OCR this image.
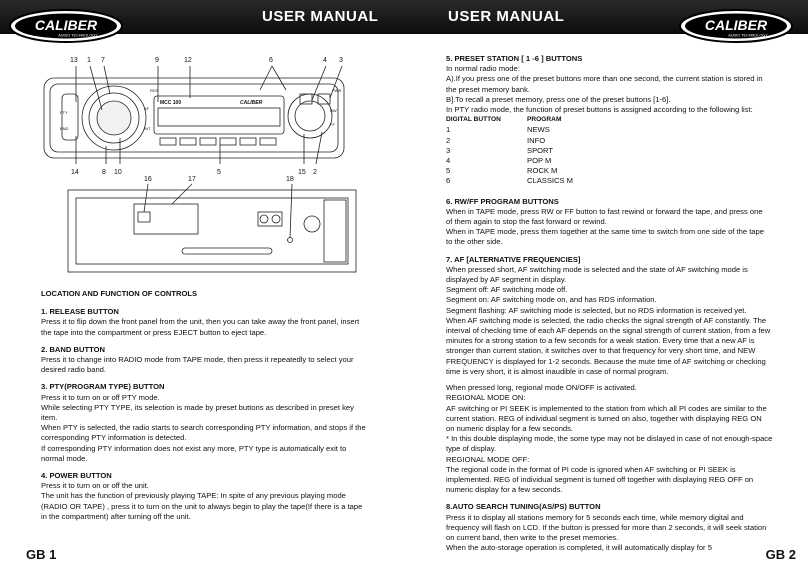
USER MANUAL
CALIBER
AUDIO TECHNOLOGY
PTY
BND
RDS
AF
INT
PWR
RW
FF
MCC 100	CALIBER
13 1 7	9	12	6	4 3
14	8 10	5	15 2
16	17	18
LOCATION AND FUNCTION OF CONTROLS
1. RELEASE BUTTON
Press it to flip down the front panel from the unit, then you can take away the front panel, insert
the tape into the compartment or press EJECT button to eject tape.
2. BAND BUTTON
Press it to change into RADIO mode from TAPE mode, then press it repeatedly to select your
desired radio band.
3. PTY(PROGRAM TYPE) BUTTON
Press it to turn on or off PTY mode.
While selecting PTY TYPE, its selection is made by preset buttons as described in preset key
item.
When PTY is selected, the radio starts to search corresponding PTY information, and stops if the
corresponding PTY information is detected.
If corresponding PTY information does not exist any more, PTY type is automatically exit to
normal mode.
4. POWER BUTTON
Press it to turn on or off the unit.
The unit has the function of previously playing TAPE: In spite of any previous playing mode
(RADIO OR TAPE) , press it to turn on the unit to always begin to play the tape(If there is a tape
in the compartment) after turning off the unit.
GB 1
USER MANUAL	CALIBER
AUDIO TECHNOLOGY
5. PRESET STATION [ 1 -6 ] BUTTONS
In normal radio mode:
A).If you press one of the preset buttons more than one second, the current station is stored in
the preset memory bank.
B].To recall a preset memory, press one of the preset buttons [1-6].
In PTY radio mode, the function of preset buttons is assigned according to the following list:
DIGITAL BUTTON	PROGRAM
1	NEWS
2	INFO
3	SPORT
4	POP M
5	ROCK M
6	CLASSICS M
6. RW/FF PROGRAM BUTTONS
When in TAPE mode, press RW or FF button to fast rewind or forward the tape, and press one
of them again to stop the fast forward or rewind.
When in TAPE mode, press them together at the same time to switch from one side of the tape
to the other side.
7. AF [ALTERNATIVE FREQUENCIES]
When pressed short, AF switching mode is selected and the state of AF switching mode is
displayed by AF segment in display.
Segment off: AF switching mode off.
Segment on: AF switching mode on, and has RDS information.
Segment flashing: AF switching mode is selected, but no RDS information is received yet.
When AF switching mode is selected, the radio checks the signal strength of AF constantly. The
interval of checking time of each AF depends on the signal strength of current station, from a few
minutes for a strong station to a few seconds for a weak station. Every time that a new AF is
stronger than current station, it switches over to that frequency for very short time, and NEW
FREQUENCY is displayed for 1-2 seconds. Because the mute time of AF switching or checking
time is very short, it is almost inaudible in case of normal program.
When pressed long, regional mode ON/OFF is activated.
REGIONAL MODE ON:
AF switching or PI SEEK is implemented to the station from which all PI codes are similar to the
current station. REG of individual segment is turned on also, together with displaying REG ON
on numeric display for a few seconds.
* In this double displaying mode, the some type may not be dislayed in case of not enough-space
type of display.
REGIONAL MODE OFF:
The regional code in the format of PI code is ignored when AF switching or PI SEEK is
implemented. REG of individual segment is turned off together with displaying REG OFF on
numeric display for a few seconds.
8.AUTO SEARCH TUNING(AS/PS) BUTTON
Press it to display all stations memory for 5 seconds each time, while memory digital and
frequency will flash on LCD. If the button is pressed for more than 2 seconds, it will seek station
on current band, then write to the preset memories.
When the auto-storage operation is completed, it will automatically display for 5	GB 2
